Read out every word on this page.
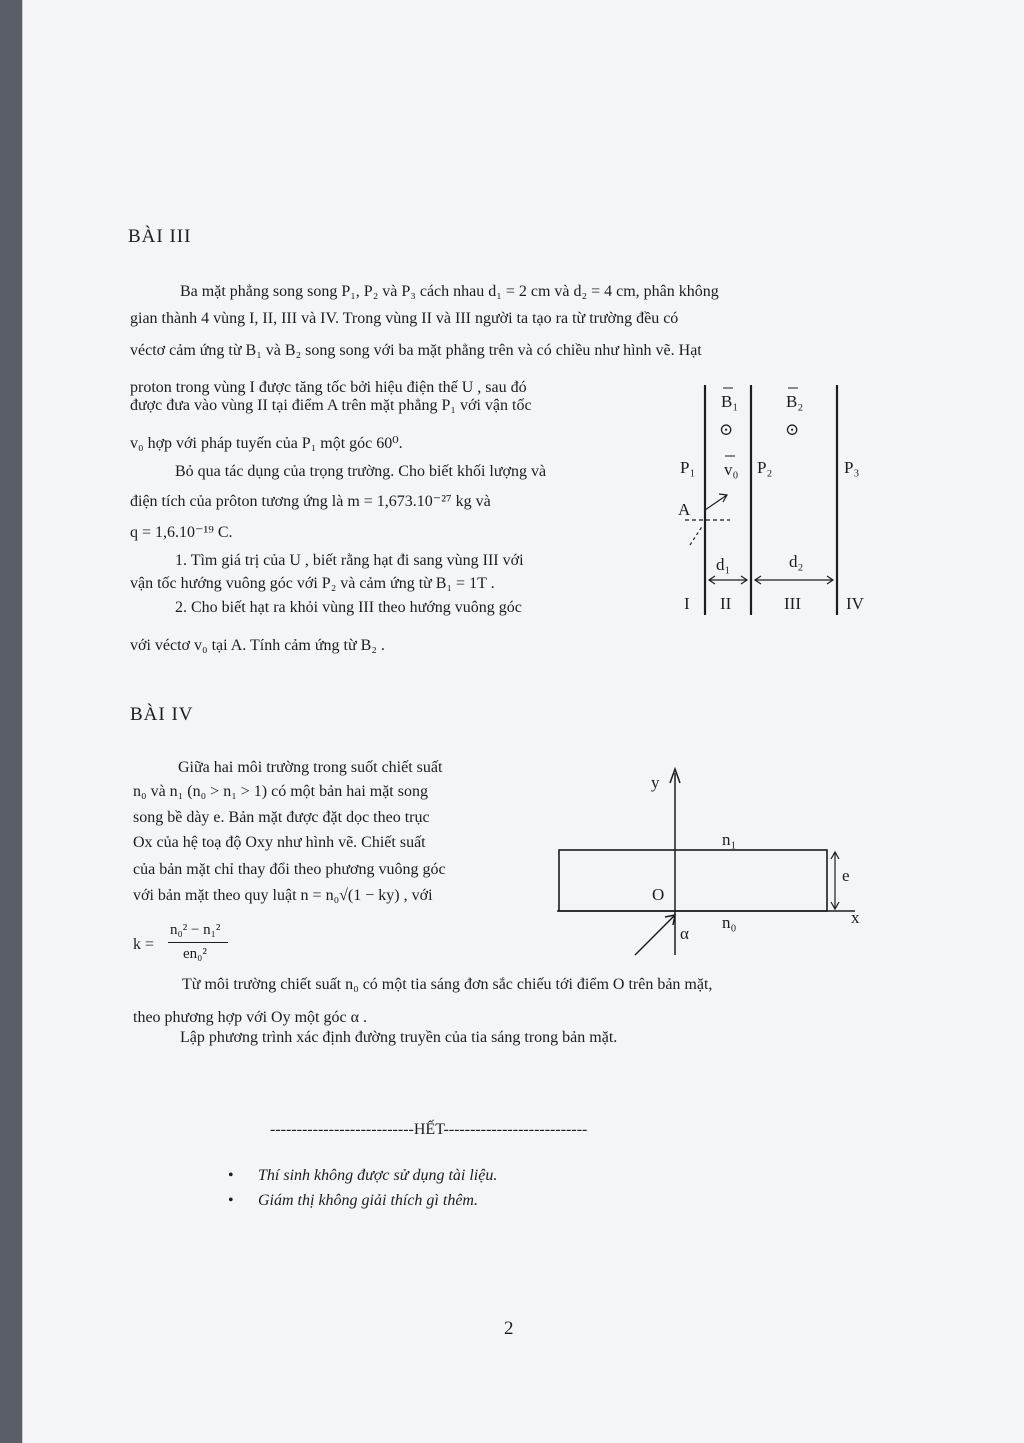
BÀI III
Ba mặt phẳng song song P₁, P₂ và P₃ cách nhau d₁ = 2 cm và d₂ = 4 cm, phân không
gian thành 4 vùng I, II, III và IV. Trong vùng II và III người ta tạo ra từ trường đều có
véctơ cảm ứng từ B₁ và B₂ song song với ba mặt phẳng trên và có chiều như hình vẽ. Hạt
proton trong vùng I được tăng tốc bởi hiệu điện thế U , sau đó
được đưa vào vùng II tại điểm A trên mặt phẳng P₁ với vận tốc
v₀ hợp với pháp tuyến của P₁ một góc 60⁰.
Bỏ qua tác dụng của trọng trường. Cho biết khối lượng và
điện tích của prôton tương ứng là m = 1,673.10⁻²⁷ kg và
q = 1,6.10⁻¹⁹ C.
1. Tìm giá trị của U , biết rằng hạt đi sang vùng III với
vận tốc hướng vuông góc với P₂ và cảm ứng từ B₁ = 1T .
2. Cho biết hạt ra khỏi vùng III theo hướng vuông góc
với véctơ v₀ tại A. Tính cảm ứng từ B₂ .
B₁	B₂
⊙	⊙
P₁	P₂	P₃
v₀
A
d₁	d₂
I II	III	IV
BÀI IV
Giữa hai môi trường trong suốt chiết suất
n₀ và n₁ (n₀ > n₁ > 1) có một bản hai mặt song
song bề dày e. Bản mặt được đặt dọc theo trục
Ox của hệ toạ độ Oxy như hình vẽ. Chiết suất
của bản mặt chỉ thay đổi theo phương vuông góc
với bản mặt theo quy luật n = n₀√(1 − ky) , với
k =
n₀² − n₁²
en₀²
Từ môi trường chiết suất n₀ có một tia sáng đơn sắc chiếu tới điểm O trên bản mặt,
theo phương hợp với Oy một góc α .
Lập phương trình xác định đường truyền của tia sáng trong bản mặt.
y
x
O
n₁
n₀
e
α
---------------------------HẾT---------------------------
• Thí sinh không được sử dụng tài liệu.
• Giám thị không giải thích gì thêm.
2
